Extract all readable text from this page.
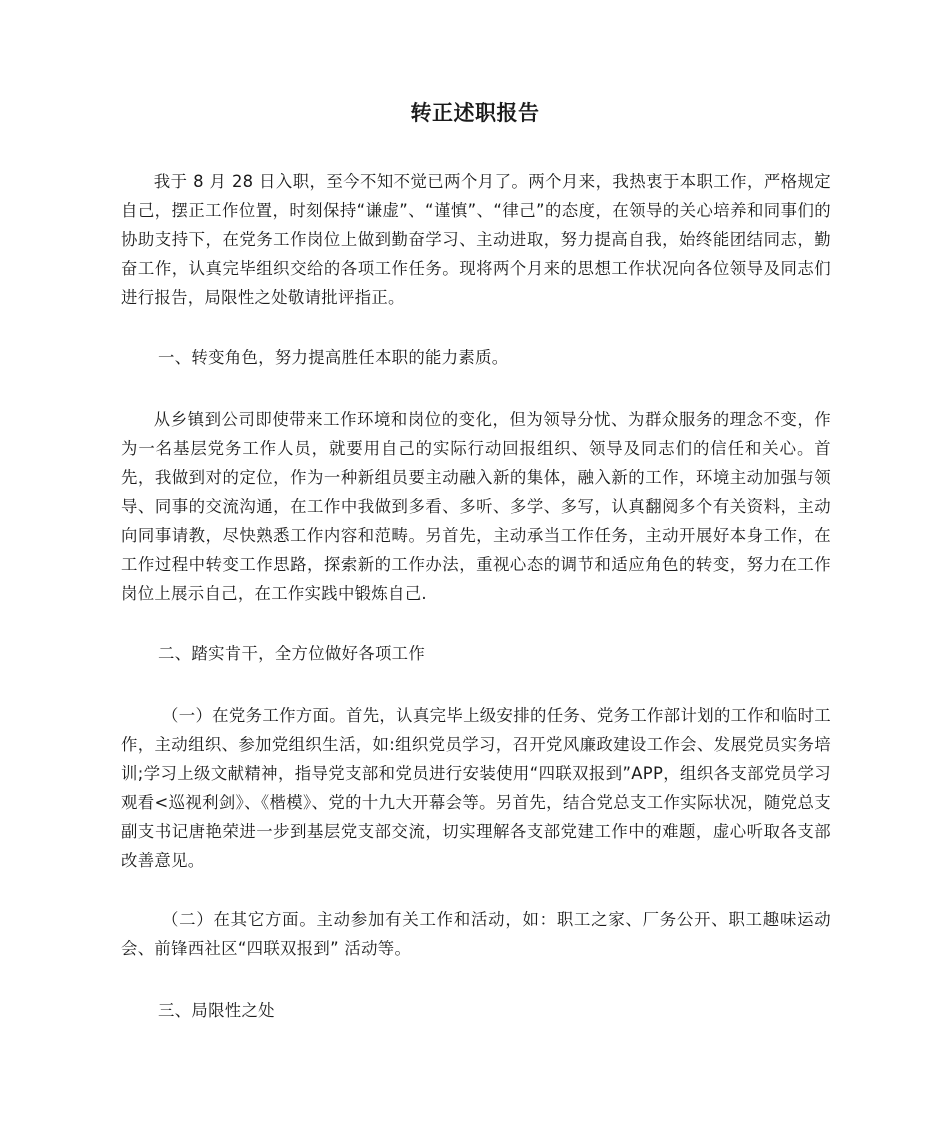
转正述职报告

我于 8 月 28 日入职，至今不知不觉已两个月了。两个月来，我热衷于本职工作，严格规定自己，摆正工作位置，时刻保持“谦虚”、“谨慎”、“律己”的态度，在领导的关心培养和同事们的协助支持下，在党务工作岗位上做到勤奋学习、主动进取，努力提高自我，始终能团结同志，勤奋工作，认真完毕组织交给的各项工作任务。现将两个月来的思想工作状况向各位领导及同志们进行报告，局限性之处敬请批评指正。

一、转变角色，努力提高胜任本职的能力素质。

从乡镇到公司即使带来工作环境和岗位的变化，但为领导分忧、为群众服务的理念不变，作为一名基层党务工作人员，就要用自己的实际行动回报组织、领导及同志们的信任和关心。首先，我做到对的定位，作为一种新组员要主动融入新的集体，融入新的工作，环境主动加强与领导、同事的交流沟通，在工作中我做到多看、多听、多学、多写，认真翻阅多个有关资料，主动向同事请教，尽快熟悉工作内容和范畴。另首先，主动承当工作任务，主动开展好本身工作，在工作过程中转变工作思路，探索新的工作办法，重视心态的调节和适应角色的转变，努力在工作岗位上展示自己，在工作实践中锻炼自己.

二、踏实肯干，全方位做好各项工作

（一）在党务工作方面。首先，认真完毕上级安排的任务、党务工作部计划的工作和临时工作，主动组织、参加党组织生活，如:组织党员学习，召开党风廉政建设工作会、发展党员实务培训;学习上级文献精神，指导党支部和党员进行安装使用“四联双报到”APP，组织各支部党员学习观看<巡视利剑》、《楷模》、党的十九大开幕会等。另首先，结合党总支工作实际状况，随党总支副支书记唐艳荣进一步到基层党支部交流，切实理解各支部党建工作中的难题，虚心听取各支部改善意见。

（二）在其它方面。主动参加有关工作和活动，如：职工之家、厂务公开、职工趣味运动会、前锋西社区“四联双报到” 活动等。

三、局限性之处
